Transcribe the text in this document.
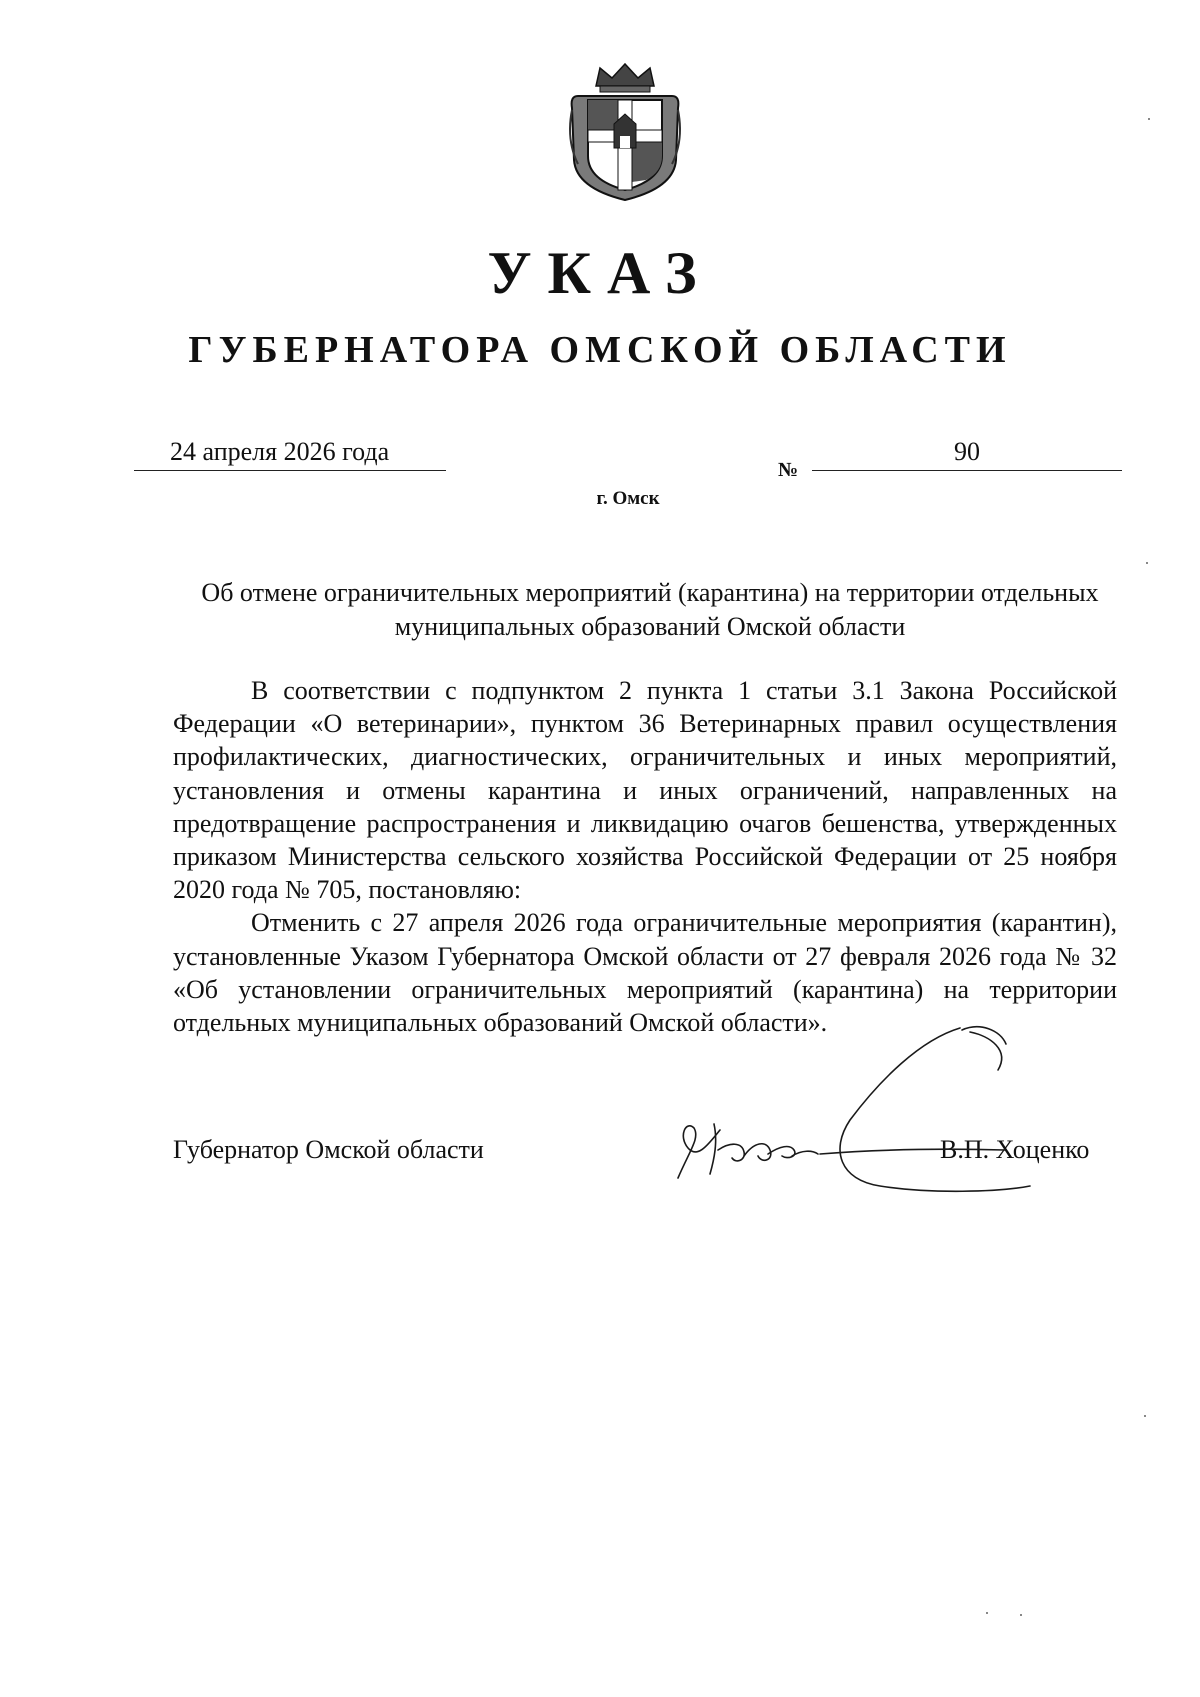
УКАЗ
ГУБЕРНАТОРА ОМСКОЙ ОБЛАСТИ
24 апреля 2026 года
№
90
г. Омск
Об отмене ограничительных мероприятий (карантина) на территории отдельных муниципальных образований Омской области

В соответствии с подпунктом 2 пункта 1 статьи 3.1 Закона Российской Федерации «О ветеринарии», пунктом 36 Ветеринарных правил осуществления профилактических, диагностических, ограничительных и иных мероприятий, установления и отмены карантина и иных ограничений, направленных на предотвращение распространения и ликвидацию очагов бешенства, утвержденных приказом Министерства сельского хозяйства Российской Федерации от 25 ноября 2020 года № 705, постановляю:

Отменить с 27 апреля 2026 года ограничительные мероприятия (карантин), установленные Указом Губернатора Омской области от 27 февраля 2026 года № 32 «Об установлении ограничительных мероприятий (карантина) на территории отдельных муниципальных образований Омской области».

Губернатор Омской области	В.П. Хоценко
